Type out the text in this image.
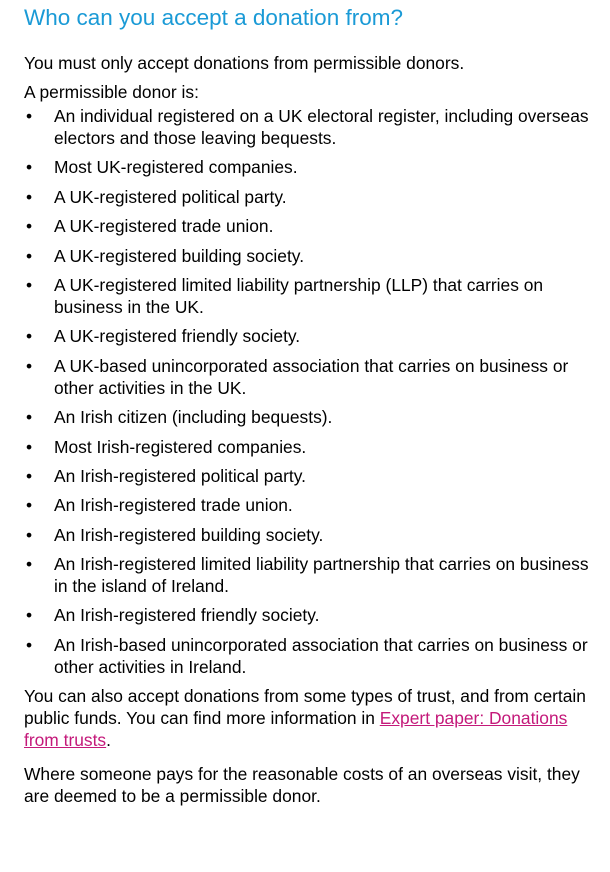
Who can you accept a donation from?

You must only accept donations from permissible donors.

A permissible donor is:

• An individual registered on a UK electoral register, including overseas electors and those leaving bequests.
• Most UK-registered companies.
• A UK-registered political party.
• A UK-registered trade union.
• A UK-registered building society.
• A UK-registered limited liability partnership (LLP) that carries on business in the UK.
• A UK-registered friendly society.
• A UK-based unincorporated association that carries on business or other activities in the UK.
• An Irish citizen (including bequests).
• Most Irish-registered companies.
• An Irish-registered political party.
• An Irish-registered trade union.
• An Irish-registered building society.
• An Irish-registered limited liability partnership that carries on business in the island of Ireland.
• An Irish-registered friendly society.
• An Irish-based unincorporated association that carries on business or other activities in Ireland.

You can also accept donations from some types of trust, and from certain public funds. You can find more information in Expert paper: Donations from trusts.

Where someone pays for the reasonable costs of an overseas visit, they are deemed to be a permissible donor.
